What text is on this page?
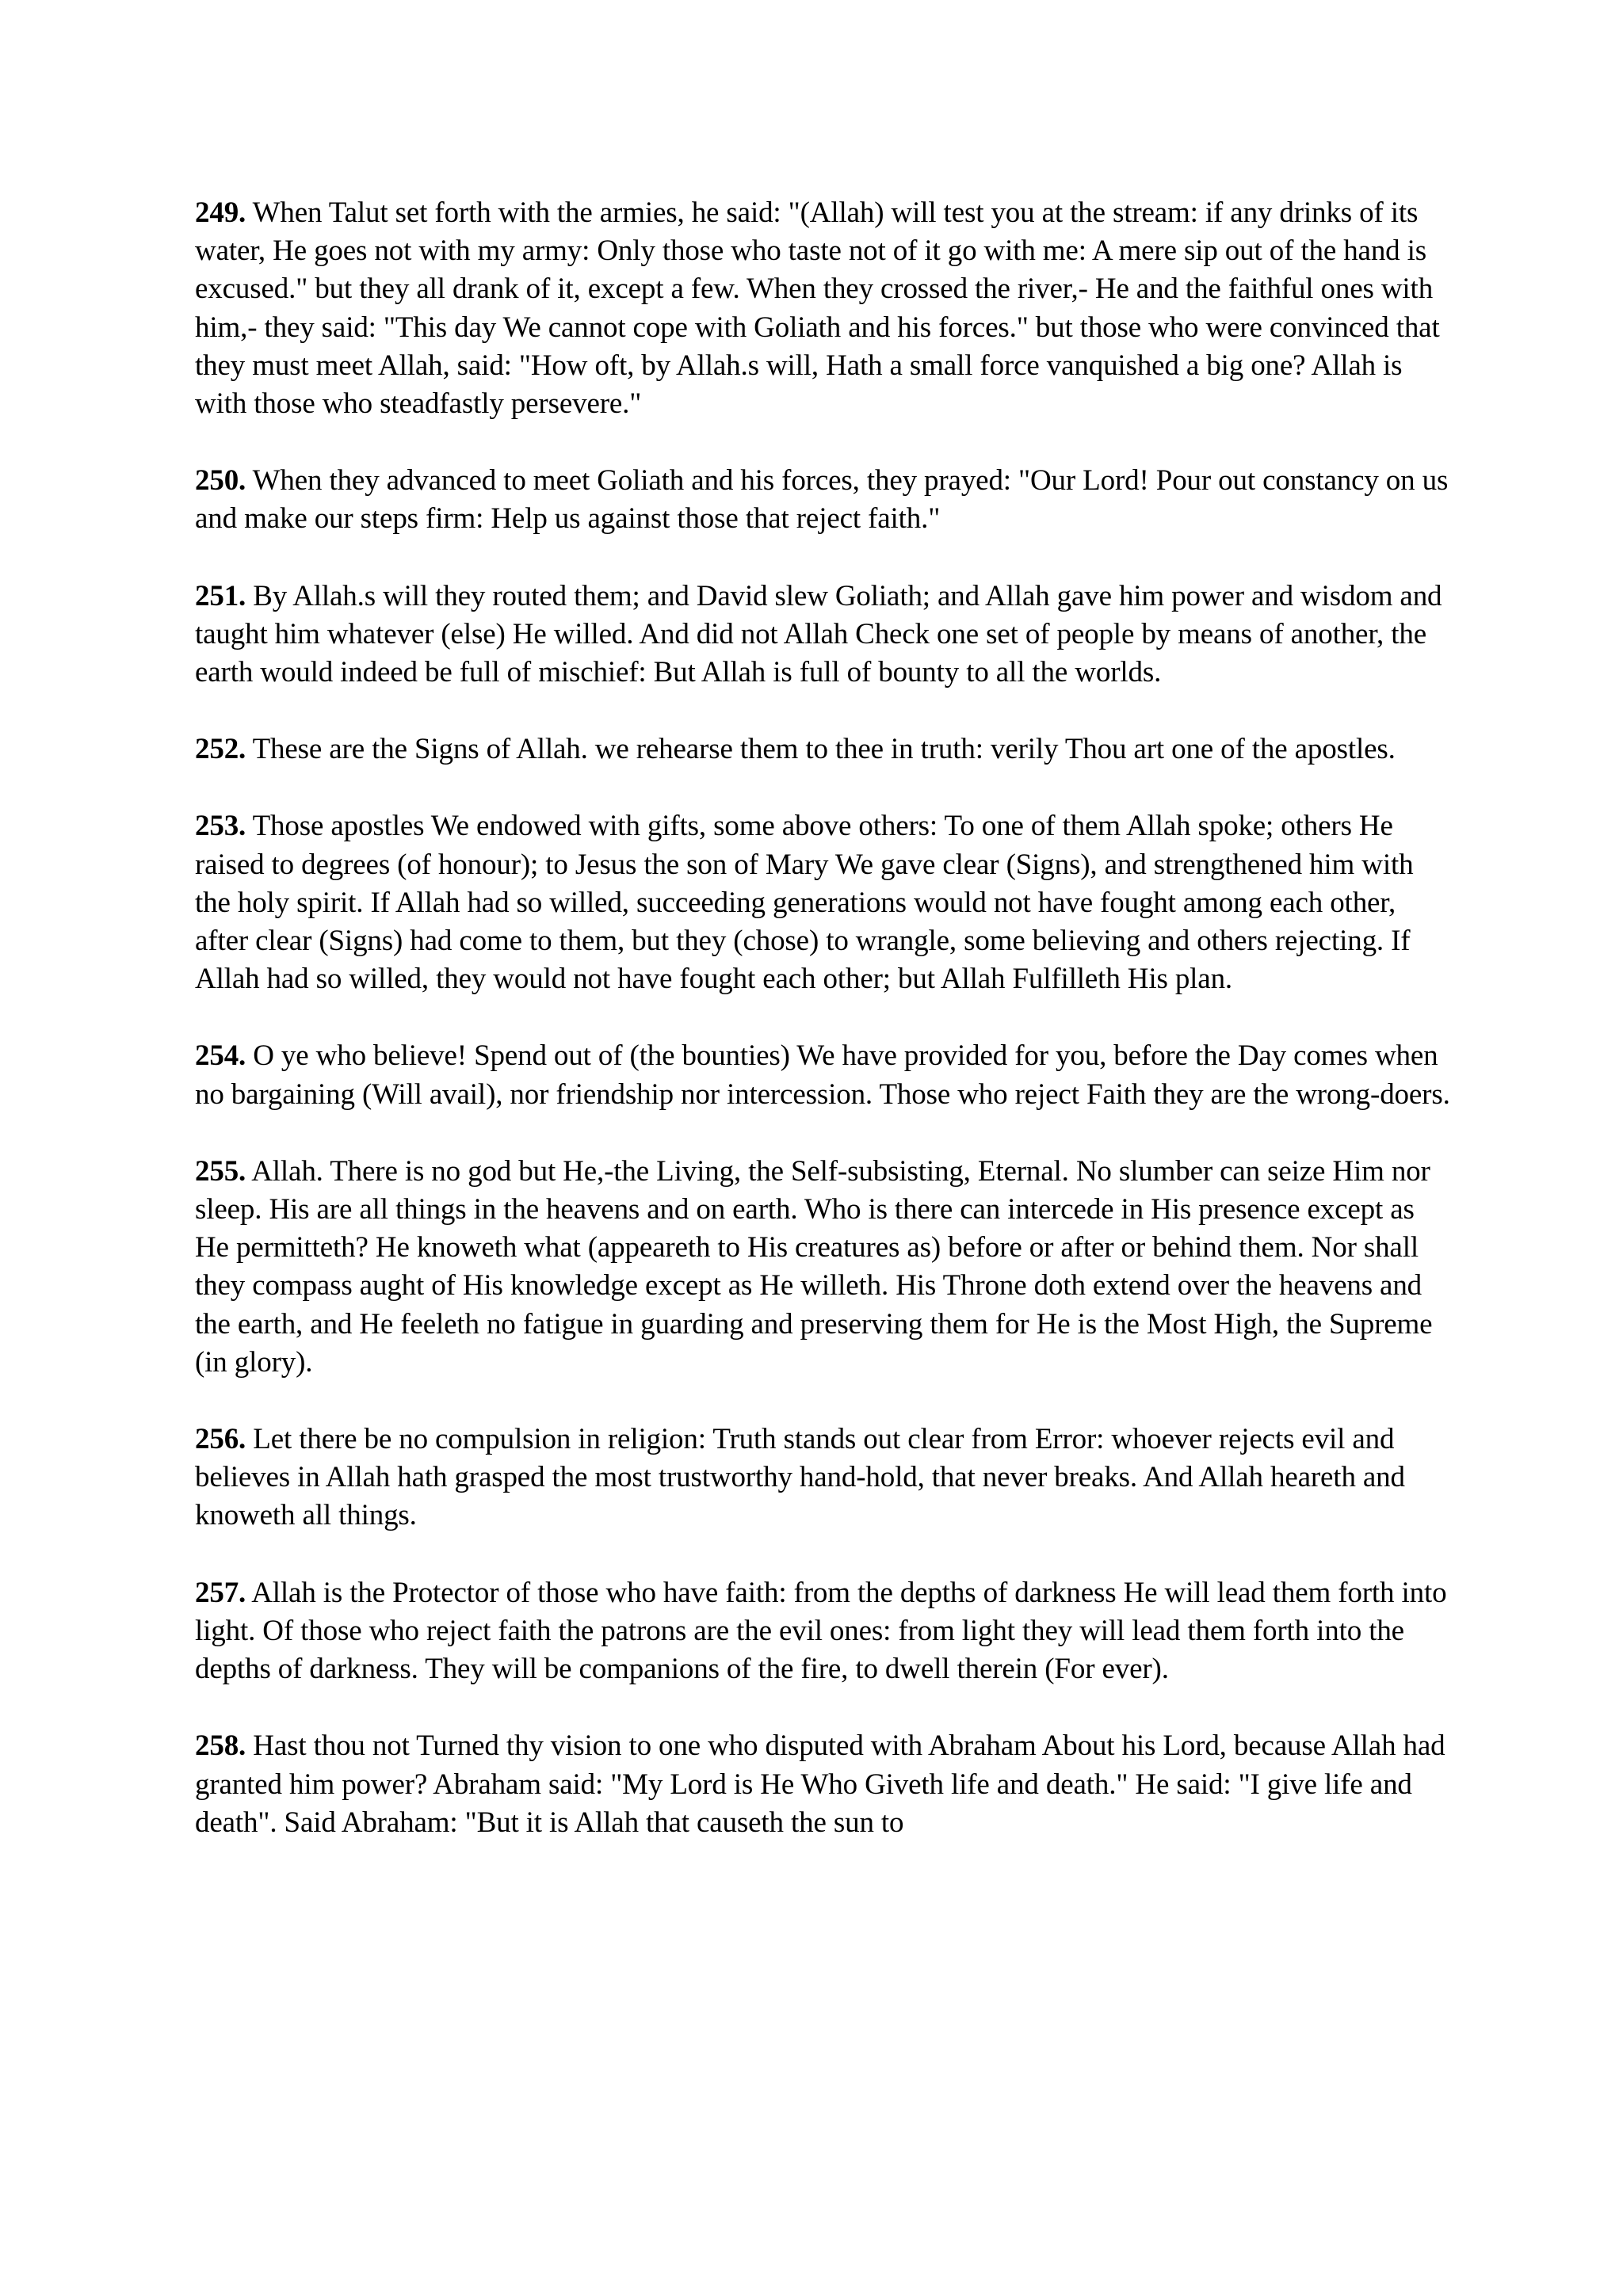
249. When Talut set forth with the armies, he said: "(Allah) will test you at the stream: if any drinks of its water, He goes not with my army: Only those who taste not of it go with me: A mere sip out of the hand is excused." but they all drank of it, except a few. When they crossed the river,- He and the faithful ones with him,- they said: "This day We cannot cope with Goliath and his forces." but those who were convinced that they must meet Allah, said: "How oft, by Allah.s will, Hath a small force vanquished a big one? Allah is with those who steadfastly persevere."

250. When they advanced to meet Goliath and his forces, they prayed: "Our Lord! Pour out constancy on us and make our steps firm: Help us against those that reject faith."

251. By Allah.s will they routed them; and David slew Goliath; and Allah gave him power and wisdom and taught him whatever (else) He willed. And did not Allah Check one set of people by means of another, the earth would indeed be full of mischief: But Allah is full of bounty to all the worlds.

252. These are the Signs of Allah. we rehearse them to thee in truth: verily Thou art one of the apostles.

253. Those apostles We endowed with gifts, some above others: To one of them Allah spoke; others He raised to degrees (of honour); to Jesus the son of Mary We gave clear (Signs), and strengthened him with the holy spirit. If Allah had so willed, succeeding generations would not have fought among each other, after clear (Signs) had come to them, but they (chose) to wrangle, some believing and others rejecting. If Allah had so willed, they would not have fought each other; but Allah Fulfilleth His plan.

254. O ye who believe! Spend out of (the bounties) We have provided for you, before the Day comes when no bargaining (Will avail), nor friendship nor intercession. Those who reject Faith they are the wrong-doers.

255. Allah. There is no god but He,-the Living, the Self-subsisting, Eternal. No slumber can seize Him nor sleep. His are all things in the heavens and on earth. Who is there can intercede in His presence except as He permitteth? He knoweth what (appeareth to His creatures as) before or after or behind them. Nor shall they compass aught of His knowledge except as He willeth. His Throne doth extend over the heavens and the earth, and He feeleth no fatigue in guarding and preserving them for He is the Most High, the Supreme (in glory).

256. Let there be no compulsion in religion: Truth stands out clear from Error: whoever rejects evil and believes in Allah hath grasped the most trustworthy hand-hold, that never breaks. And Allah heareth and knoweth all things.

257. Allah is the Protector of those who have faith: from the depths of darkness He will lead them forth into light. Of those who reject faith the patrons are the evil ones: from light they will lead them forth into the depths of darkness. They will be companions of the fire, to dwell therein (For ever).

258. Hast thou not Turned thy vision to one who disputed with Abraham About his Lord, because Allah had granted him power? Abraham said: "My Lord is He Who Giveth life and death." He said: "I give life and death". Said Abraham: "But it is Allah that causeth the sun to
